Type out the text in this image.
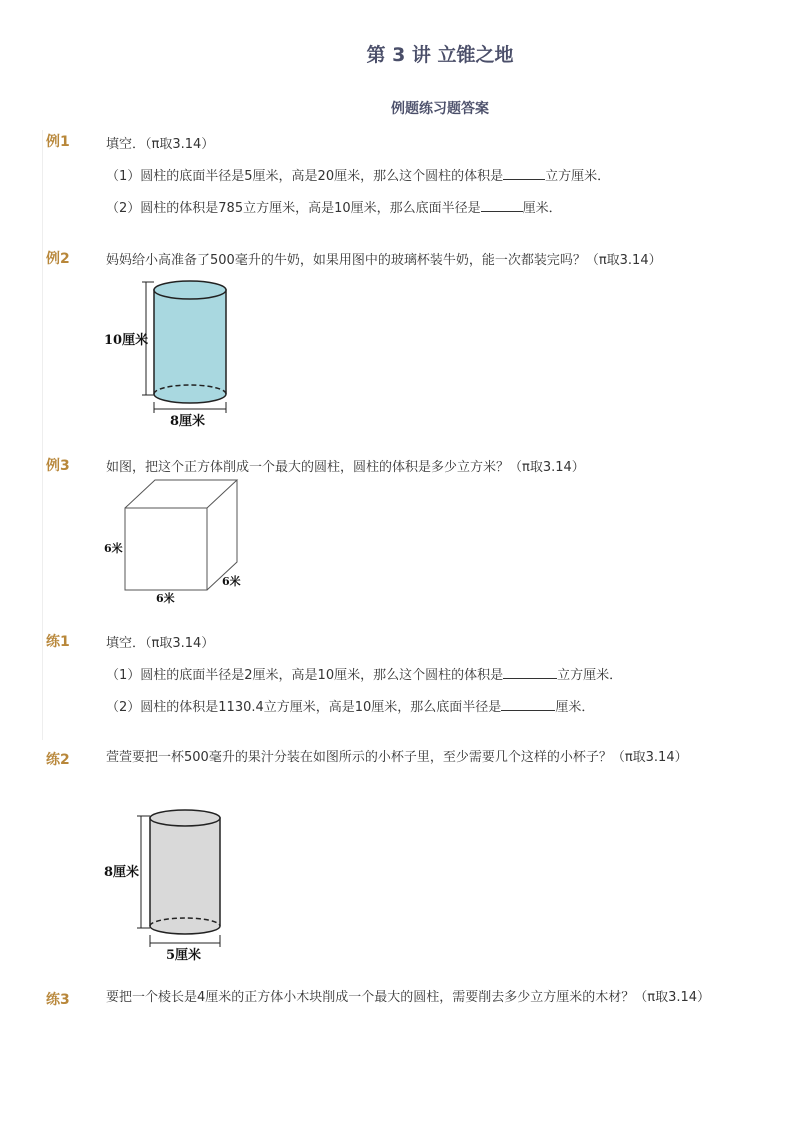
第 3 讲 立锥之地
例题练习题答案
例1	填空．（π取3.14）
（1）圆柱的底面半径是5厘米，高是20厘米，那么这个圆柱的体积是	立方厘米．
（2）圆柱的体积是785立方厘米，高是10厘米，那么底面半径是	厘米．
例2	妈妈给小高准备了500毫升的牛奶，如果用图中的玻璃杯装牛奶，能一次都装完吗？（π取3.14）
10厘米
8厘米
例3	如图，把这个正方体削成一个最大的圆柱，圆柱的体积是多少立方米？（π取3.14）
6米
6米
6米
练1	填空．（π取3.14）
（1）圆柱的底面半径是2厘米，高是10厘米，那么这个圆柱的体积是	立方厘米．
（2）圆柱的体积是1130.4立方厘米，高是10厘米，那么底面半径是	厘米．
练2	萱萱要把一杯500毫升的果汁分装在如图所示的小杯子里，至少需要几个这样的小杯子？（π取3.14）
8厘米
5厘米
练3	要把一个棱长是4厘米的正方体小木块削成一个最大的圆柱，需要削去多少立方厘米的木材？（π取3.14）
